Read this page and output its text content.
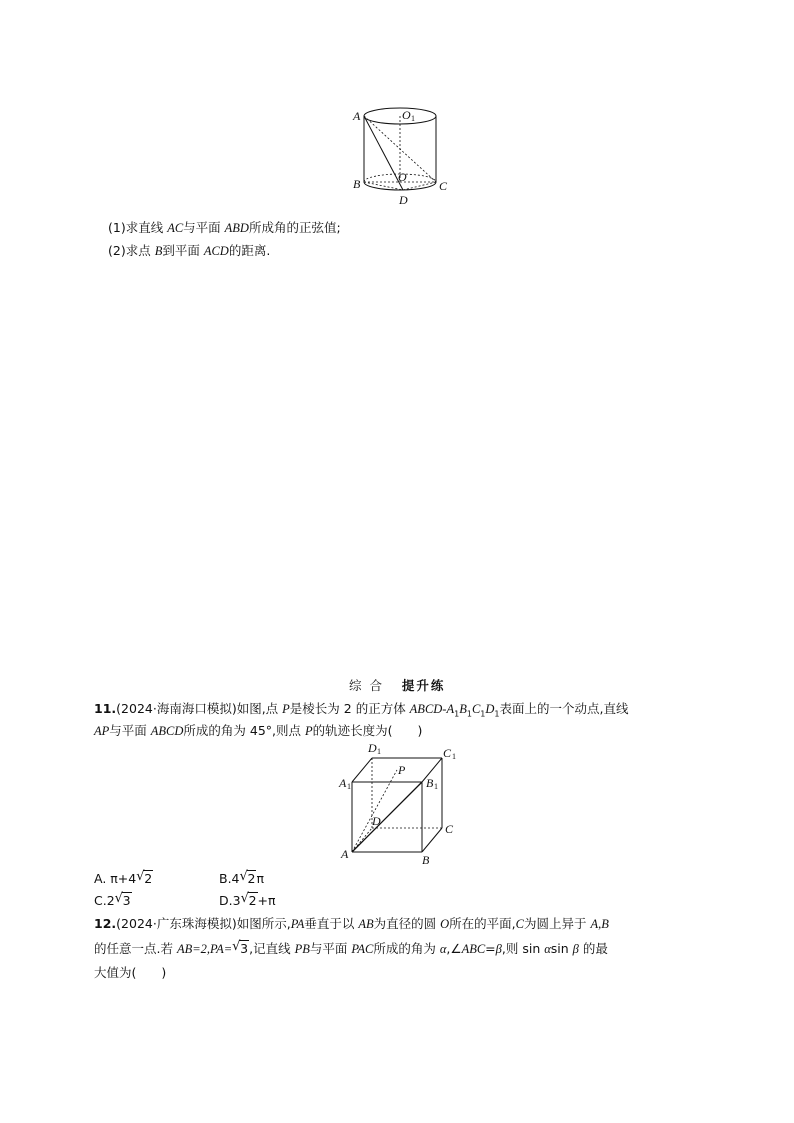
A
B	C
D
O
O 1
(1)求直线 AC与平面 ABD所成角的正弦值;
(2)求点 B到平面 ACD的距离.
综 合 提升练
11.(2024·海南海口模拟)如图,点 P是棱长为 2 的正方体 ABCD-$A_1B_1C_1D_1$表面上的一个动点,直线
AP与平面 ABCD所成的角为 45°,则点 P的轨迹长度为(　　)
A	B
C
D
A 1	B 1
C 1
D 1
P
A. π+4 √ 2	B.4 √ 2π
C.2 √ 3	D.3 √ 2+π
12.(2024·广东珠海模拟)如图所示,PA垂直于以 AB为直径的圆 O所在的平面,C为圆上异于 A,B
的任意一点.若 AB=2,PA= √ 3,记直线 PB与平面 PAC所成的角为 α,∠ABC=β,则 sin αsin β 的最
大值为(　　)
